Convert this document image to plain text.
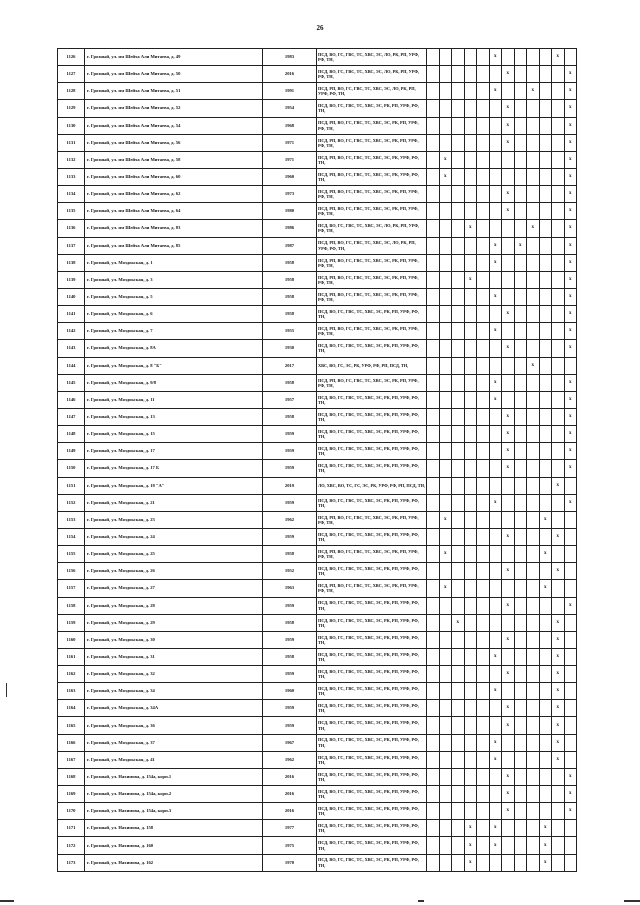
26
1126	г. Грозный, ул. им Шейха Али Митаева, д. 49	1983	ПСД, ВО, ГС, ГВС, ТС, ХВС, ЭС, ЛО, РК, РП, УРФ, РФ, ТН,						x					x	
1127	г. Грозный, ул. им Шейха Али Митаева, д. 50	2016	ПСД, ВО, ГС, ГВС, ТС, ХВС, ЭС, ЛО, РК, РП, УРФ, РФ, ТН,							x					x
1128	г. Грозный, ул. им Шейха Али Митаева, д. 51	1991	ПСД, РП, ВО, ГС, ГВС, ТС, ХВС, ЭС, ЛО, РК, РП, УРФ, РФ, ТН,						x			x			x
1129	г. Грозный, ул. им Шейха Али Митаева, д. 52	1954	ПСД, ВО, ГС, ГВС, ТС, ХВС, ЭС, РК, РП, УРФ, РФ, ТН,							x					x
1130	г. Грозный, ул. им Шейха Али Митаева, д. 54	1968	ПСД, РП, ВО, ГС, ГВС, ТС, ХВС, ЭС, РК, РП, УРФ, РФ, ТН,							x					x
1131	г. Грозный, ул. им Шейха Али Митаева, д. 56	1971	ПСД, РП, ВО, ГС, ГВС, ТС, ХВС, ЭС, РК, РП, УРФ, РФ, ТН,							x					x
1132	г. Грозный, ул. им Шейха Али Митаева, д. 58	1971	ПСД, РП, ВО, ГС, ГВС, ТС, ХВС, ЭС, РК, УРФ, РФ, ТН,		x										x
1133	г. Грозный, ул. им Шейха Али Митаева, д. 60	1960	ПСД, РП, ВО, ГС, ГВС, ТС, ХВС, ЭС, РК, УРФ, РФ, ТН,		x										x
1134	г. Грозный, ул. им Шейха Али Митаева, д. 62	1973	ПСД, РП, ВО, ГС, ГВС, ТС, ХВС, ЭС, РК, РП, УРФ, РФ, ТН,							x					x
1135	г. Грозный, ул. им Шейха Али Митаева, д. 64	1980	ПСД, РП, ВО, ГС, ГВС, ТС, ХВС, ЭС, РК, РП, УРФ, РФ, ТН,							x					x
1136	г. Грозный, ул. им Шейха Али Митаева, д. 83	1986	ПСД, ВО, ГС, ГВС, ТС, ХВС, ЭС, ЛО, РК, РП, УРФ, РФ, ТН,				x					x			x
1137	г. Грозный, ул. им Шейха Али Митаева, д. 85	1987	ПСД, РП, ВО, ГС, ГВС, ТС, ХВС, ЭС, ЛО, РК, РП, УРФ, РФ, ТН,						x		x				x
1138	г. Грозный, ул. Моздокская, д. 1	1958	ПСД, РП, ВО, ГС, ГВС, ТС, ХВС, ЭС, РК, РП, УРФ, РФ, ТН,						x						x
1139	г. Грозный, ул. Моздокская, д. 3	1958	ПСД, РП, ВО, ГС, ГВС, ТС, ХВС, ЭС, РК, РП, УРФ, РФ, ТН,				x								x
1140	г. Грозный, ул. Моздокская, д. 5	1958	ПСД, РП, ВО, ГС, ГВС, ТС, ХВС, ЭС, РК, РП, УРФ, РФ, ТН,						x						x
1141	г. Грозный, ул. Моздокская, д. 6	1958	ПСД, ВО, ГС, ГВС, ТС, ХВС, ЭС, РК, РП, УРФ, РФ, ТН,							x					x
1142	г. Грозный, ул. Моздокская, д. 7	1955	ПСД, РП, ВО, ГС, ГВС, ТС, ХВС, ЭС, РК, РП, УРФ, РФ, ТН,						x						x
1143	г. Грозный, ул. Моздокская, д. 8А	1930	ПСД, ВО, ГС, ГВС, ТС, ХВС, ЭС, РК, РП, УРФ, РФ, ТН,							x					x
1144	г. Грозный, ул. Моздокская, д. 8 "Б"	2017	ХВС, ВО, ГС, ЭС, РК, УРФ, РФ, РП, ПСД, ТН,									x			
1145	г. Грозный, ул. Моздокская, д. 9/8	1958	ПСД, РП, ВО, ГС, ГВС, ТС, ХВС, ЭС, РК, РП, УРФ, РФ, ТН,						x						x
1146	г. Грозный, ул. Моздокская, д. 11	1957	ПСД, ВО, ГС, ГВС, ТС, ХВС, ЭС, РК, РП, УРФ, РФ, ТН,						x						x
1147	г. Грозный, ул. Моздокская, д. 13	1958	ПСД, ВО, ГС, ГВС, ТС, ХВС, ЭС, РК, РП, УРФ, РФ, ТН,							x					x
1148	г. Грозный, ул. Моздокская, д. 15	1959	ПСД, ВО, ГС, ГВС, ТС, ХВС, ЭС, РК, РП, УРФ, РФ, ТН,							x					x
1149	г. Грозный, ул. Моздокская, д. 17	1959	ПСД, ВО, ГС, ГВС, ТС, ХВС, ЭС, РК, РП, УРФ, РФ, ТН,							x					x
1150	г. Грозный, ул. Моздокская, д. 17 Б	1959	ПСД, ВО, ГС, ГВС, ТС, ХВС, ЭС, РК, РП, УРФ, РФ, ТН,							x					x
1151	г. Грозный, ул. Моздокская, д. 18 "А"	2019	ЛО, ХВС, ВО, ТС, ГС, ЭС, РК, УРФ, РФ, РП, ПСД, ТН,											x	
1152	г. Грозный, ул. Моздокская, д. 21	1959	ПСД, ВО, ГС, ГВС, ТС, ХВС, ЭС, РК, РП, УРФ, РФ, ТН,						x						x
1153	г. Грозный, ул. Моздокская, д. 23	1962	ПСД, РП, ВО, ГС, ГВС, ТС, ХВС, ЭС, РК, РП, УРФ, РФ, ТН,		x								x		
1154	г. Грозный, ул. Моздокская, д. 24	1959	ПСД, ВО, ГС, ГВС, ТС, ХВС, ЭС, РК, РП, УРФ, РФ, ТН,							x				x	
1155	г. Грозный, ул. Моздокская, д. 25	1958	ПСД, РП, ВО, ГС, ГВС, ТС, ХВС, ЭС, РК, РП, УРФ, РФ, ТН,		x								x		
1156	г. Грозный, ул. Моздокская, д. 26	1952	ПСД, ВО, ГС, ГВС, ТС, ХВС, ЭС, РК, РП, УРФ, РФ, ТН,							x				x	
1157	г. Грозный, ул. Моздокская, д. 27	1963	ПСД, РП, ВО, ГС, ГВС, ТС, ХВС, ЭС, РК, РП, УРФ, РФ, ТН,		x								x		
1158	г. Грозный, ул. Моздокская, д. 28	1959	ПСД, ВО, ГС, ГВС, ТС, ХВС, ЭС, РК, РП, УРФ, РФ, ТН,							x					x
1159	г. Грозный, ул. Моздокская, д. 29	1958	ПСД, ВО, ГС, ГВС, ТС, ХВС, ЭС, РК, РП, УРФ, РФ, ТН,			x								x	
1160	г. Грозный, ул. Моздокская, д. 30	1959	ПСД, ВО, ГС, ГВС, ТС, ХВС, ЭС, РК, РП, УРФ, РФ, ТН,							x				x	
1161	г. Грозный, ул. Моздокская, д. 31	1958	ПСД, ВО, ГС, ГВС, ТС, ХВС, ЭС, РК, РП, УРФ, РФ, ТН,						x					x	
1162	г. Грозный, ул. Моздокская, д. 32	1959	ПСД, ВО, ГС, ГВС, ТС, ХВС, ЭС, РК, РП, УРФ, РФ, ТН,							x				x	
1163	г. Грозный, ул. Моздокская, д. 34	1960	ПСД, ВО, ГС, ГВС, ТС, ХВС, ЭС, РК, РП, УРФ, РФ, ТН,						x					x	
1164	г. Грозный, ул. Моздокская, д. 34А	1959	ПСД, ВО, ГС, ГВС, ТС, ХВС, ЭС, РК, РП, УРФ, РФ, ТН,							x				x	
1165	г. Грозный, ул. Моздокская, д. 36	1959	ПСД, ВО, ГС, ГВС, ТС, ХВС, ЭС, РК, РП, УРФ, РФ, ТН,							x				x	
1166	г. Грозный, ул. Моздокская, д. 37	1967	ПСД, ВО, ГС, ГВС, ТС, ХВС, ЭС, РК, РП, УРФ, РФ, ТН,						x					x	
1167	г. Грозный, ул. Моздокская, д. 41	1962	ПСД, ВО, ГС, ГВС, ТС, ХВС, ЭС, РК, РП, УРФ, РФ, ТН,						x					x	
1168	г. Грозный, ул. Нахимова, д. 154а, корп.1	2016	ПСД, ВО, ГС, ГВС, ТС, ХВС, ЭС, РК, РП, УРФ, РФ, ТН,							x					x
1169	г. Грозный, ул. Нахимова, д. 154а, корп.2	2016	ПСД, ВО, ГС, ГВС, ТС, ХВС, ЭС, РК, РП, УРФ, РФ, ТН,							x					x
1170	г. Грозный, ул. Нахимова, д. 154а, корп.3	2016	ПСД, ВО, ГС, ГВС, ТС, ХВС, ЭС, РК, РП, УРФ, РФ, ТН,							x					x
1171	г. Грозный, ул. Нахимова, д. 158	1977	ПСД, ВО, ГС, ГВС, ТС, ХВС, ЭС, РК, РП, УРФ, РФ, ТН,				x		x				x		
1172	г. Грозный, ул. Нахимова, д. 160	1975	ПСД, ВО, ГС, ГВС, ТС, ХВС, ЭС, РК, РП, УРФ, РФ, ТН,				x		x				x		
1173	г. Грозный, ул. Нахимова, д. 162	1970	ПСД, ВО, ГС, ГВС, ТС, ХВС, ЭС, РК, РП, УРФ, РФ, ТН,				x						x		
